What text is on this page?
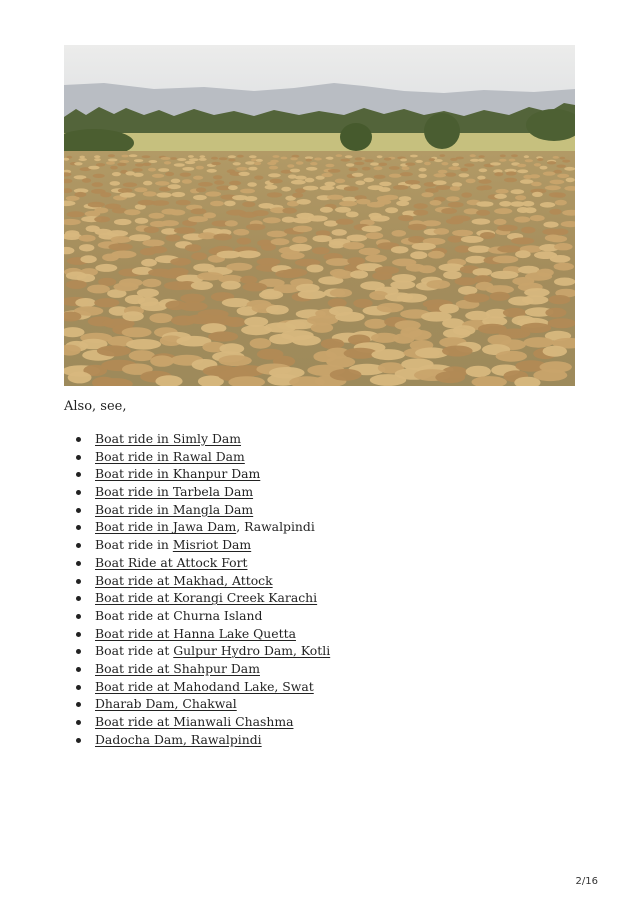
Also, see,

Boat ride in Simly Dam
Boat ride in Rawal Dam
Boat ride in Khanpur Dam
Boat ride in Tarbela Dam
Boat ride in Mangla Dam
Boat ride in Jawa Dam, Rawalpindi
Boat ride in Misriot Dam
Boat Ride at Attock Fort
Boat ride at Makhad, Attock
Boat ride at Korangi Creek Karachi
Boat ride at Churna Island
Boat ride at Hanna Lake Quetta
Boat ride at Gulpur Hydro Dam, Kotli
Boat ride at Shahpur Dam
Boat ride at Mahodand Lake, Swat
Dharab Dam, Chakwal
Boat ride at Mianwali Chashma
Dadocha Dam, Rawalpindi
2/16
